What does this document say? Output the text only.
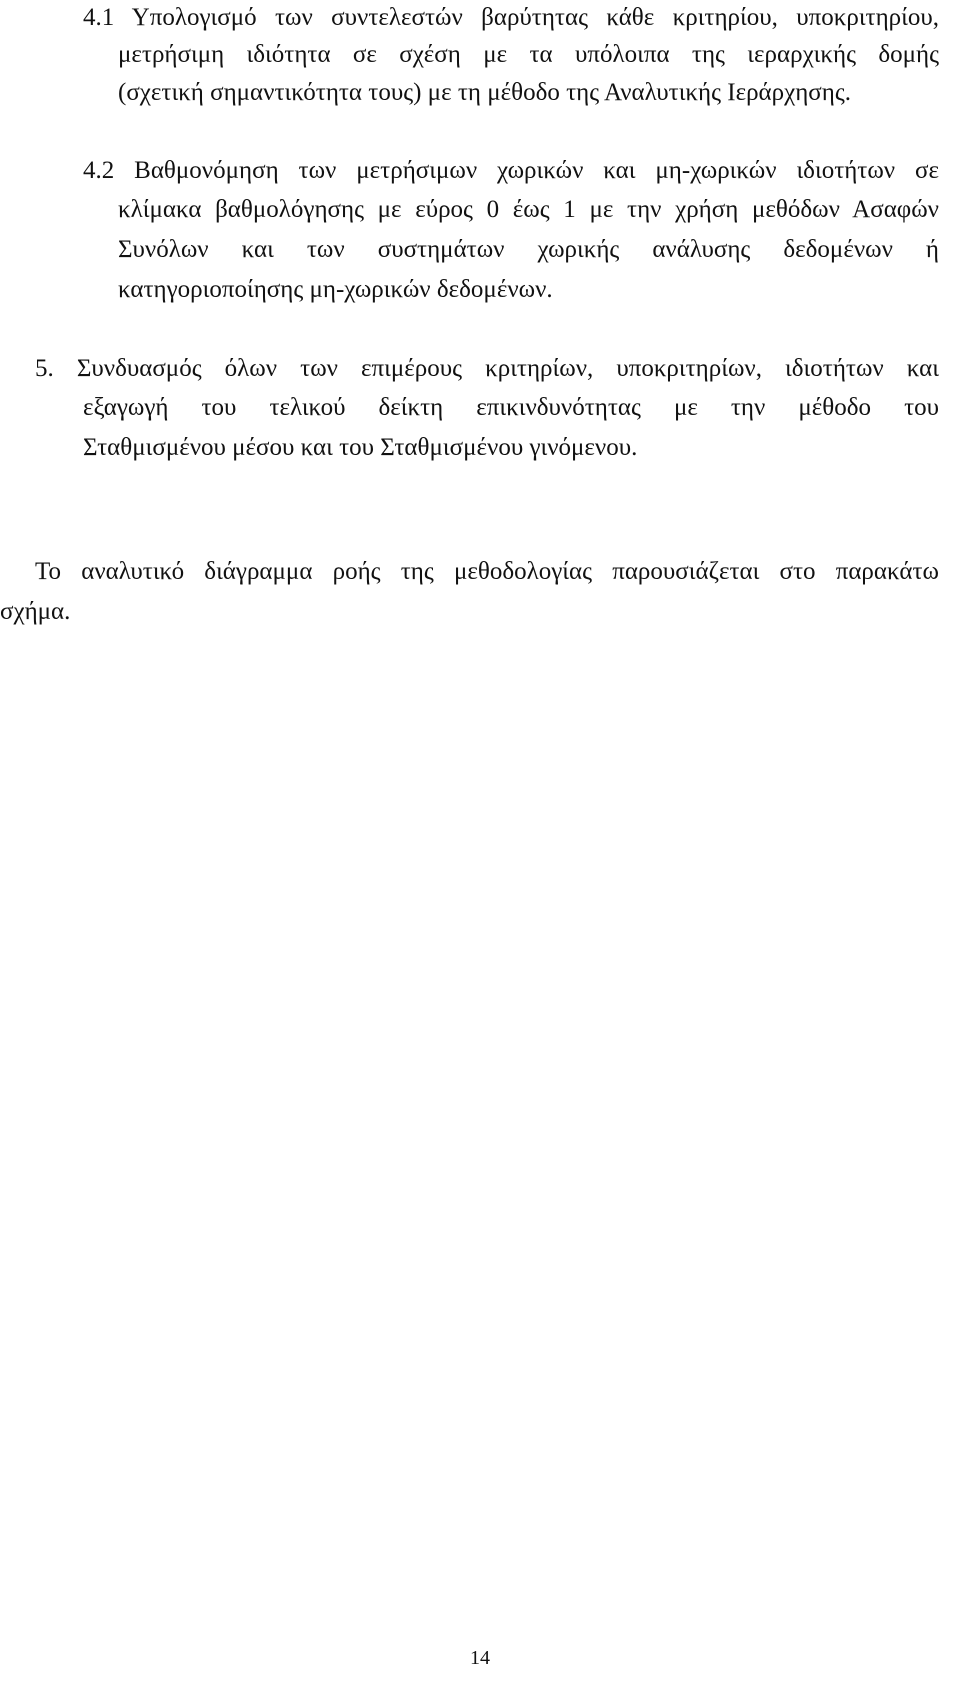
4.1 Υπολογισμό των συντελεστών βαρύτητας κάθε κριτηρίου, υποκριτηρίου,

μετρήσιμη ιδιότητα σε σχέση με τα υπόλοιπα της ιεραρχικής δομής

(σχετική σημαντικότητα τους) με τη μέθοδο της Αναλυτικής Ιεράρχησης.

4.2 Βαθμονόμηση των μετρήσιμων χωρικών και μη-χωρικών ιδιοτήτων σε

κλίμακα βαθμολόγησης με εύρος 0 έως 1 με την χρήση μεθόδων Ασαφών

Συνόλων και των συστημάτων χωρικής ανάλυσης δεδομένων ή

κατηγοριοποίησης μη-χωρικών δεδομένων.

5. Συνδυασμός όλων των επιμέρους κριτηρίων, υποκριτηρίων, ιδιοτήτων και

εξαγωγή του τελικού δείκτη επικινδυνότητας με την μέθοδο του

Σταθμισμένου μέσου και του Σταθμισμένου γινόμενου.

Το αναλυτικό διάγραμμα ροής της μεθοδολογίας παρουσιάζεται στο παρακάτω

σχήμα.

14
